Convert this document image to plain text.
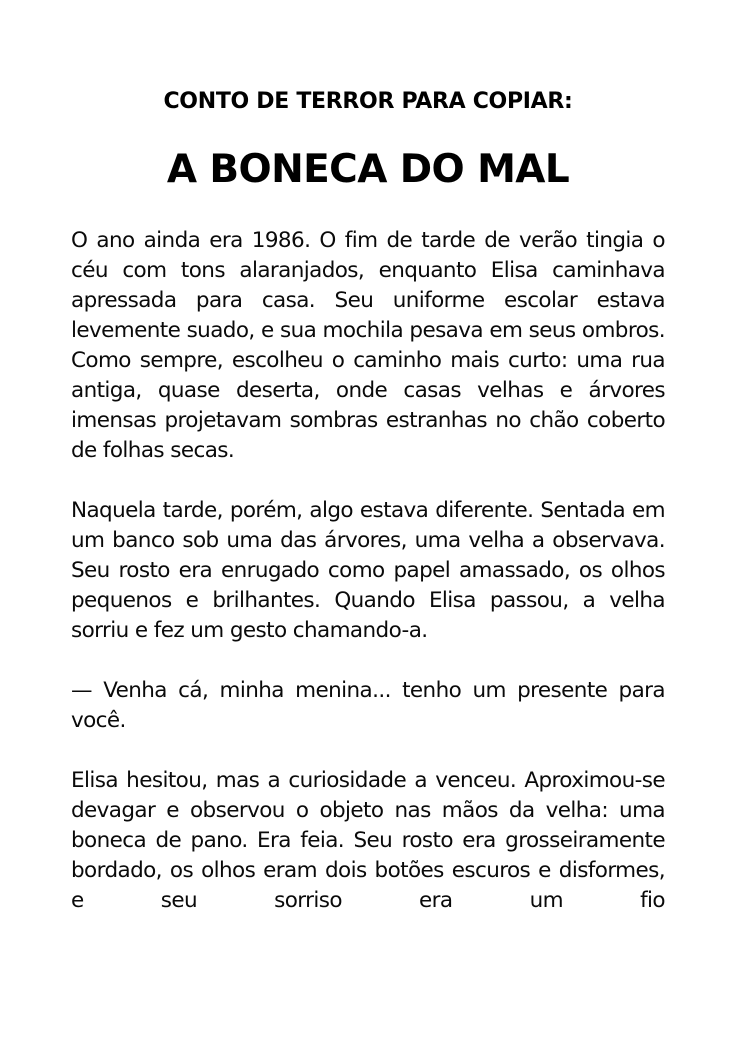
CONTO DE TERROR PARA COPIAR:
A BONECA DO MAL

O ano ainda era 1986. O fim de tarde de verão tingia o céu com tons alaranjados, enquanto Elisa caminhava apressada para casa. Seu uniforme escolar estava levemente suado, e sua mochila pesava em seus ombros. Como sempre, escolheu o caminho mais curto: uma rua antiga, quase deserta, onde casas velhas e árvores imensas projetavam sombras estranhas no chão coberto de folhas secas.

Naquela tarde, porém, algo estava diferente. Sentada em um banco sob uma das árvores, uma velha a observava. Seu rosto era enrugado como papel amassado, os olhos pequenos e brilhantes. Quando Elisa passou, a velha sorriu e fez um gesto chamando-a.

— Venha cá, minha menina... tenho um presente para você.

Elisa hesitou, mas a curiosidade a venceu. Aproximou-se devagar e observou o objeto nas mãos da velha: uma boneca de pano. Era feia. Seu rosto era grosseiramente bordado, os olhos eram dois botões escuros e disformes, e seu sorriso era um fio
